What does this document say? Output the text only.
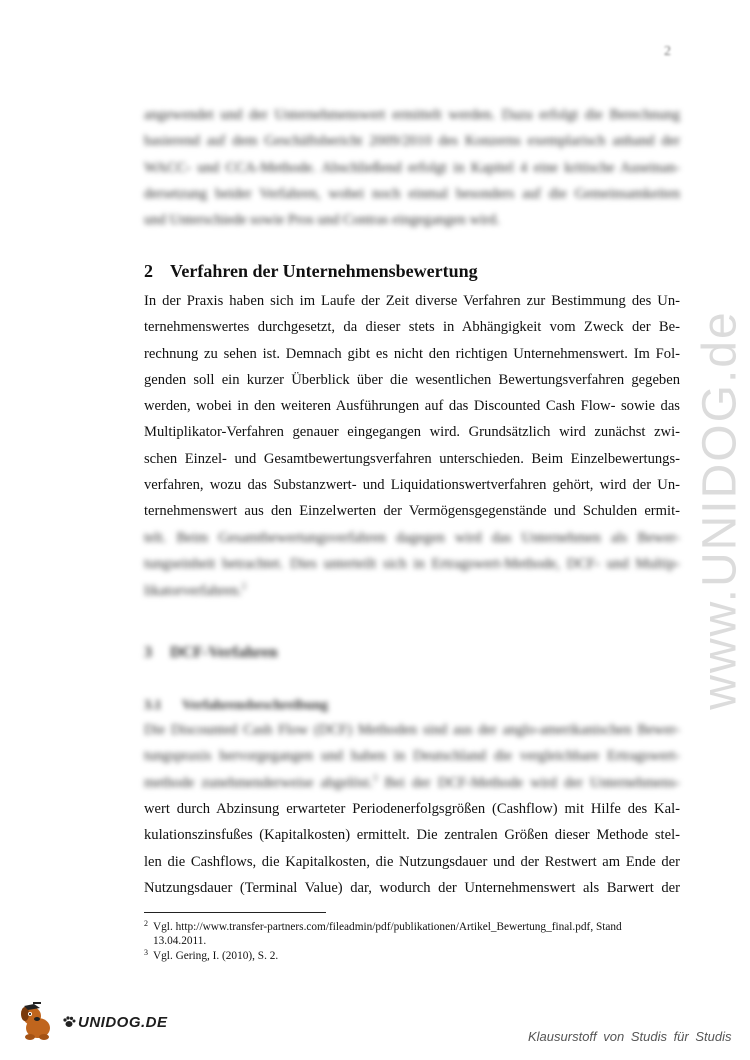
2
angewendet und der Unternehmenswert ermittelt werden. Dazu erfolgt die Berechnung
basierend auf dem Geschäftsbericht 2009/2010 des Konzerns exemplarisch anhand der
WACC- und CCA-Methode. Abschließend erfolgt in Kapitel 4 eine kritische Auseinan-
dersetzung beider Verfahren, wobei noch einmal besonders auf die Gemeinsamkeiten
und Unterschiede sowie Pros und Contras eingegangen wird.
2 Verfahren der Unternehmensbewertung
In der Praxis haben sich im Laufe der Zeit diverse Verfahren zur Bestimmung des Un-
ternehmenswertes durchgesetzt, da dieser stets in Abhängigkeit vom Zweck der Be-
rechnung zu sehen ist. Demnach gibt es nicht den richtigen Unternehmenswert. Im Fol-
genden soll ein kurzer Überblick über die wesentlichen Bewertungsverfahren gegeben
werden, wobei in den weiteren Ausführungen auf das Discounted Cash Flow- sowie das
Multiplikator-Verfahren genauer eingegangen wird. Grundsätzlich wird zunächst zwi-
schen Einzel- und Gesamtbewertungsverfahren unterschieden. Beim Einzelbewertungs-
verfahren, wozu das Substanzwert- und Liquidationswertverfahren gehört, wird der Un-
ternehmenswert aus den Einzelwerten der Vermögensgegenstände und Schulden ermit-
telt. Beim Gesamtbewertungsverfahren dagegen wird das Unternehmen als Bewer-
tungseinheit betrachtet. Dies unterteilt sich in Ertragswert-Methode, DCF- und Multip-
likatorverfahren.$^2$
3 DCF-Verfahren
3.1 Verfahrensbeschreibung
Die Discounted Cash Flow (DCF) Methoden sind aus der anglo-amerikanischen Bewer-
tungspraxis hervorgegangen und haben in Deutschland die vergleichbare Ertragswert-
methode zunehmenderweise abgelöst.$^3$ Bei der DCF-Methode wird der Unternehmens-
wert durch Abzinsung erwarteter Periodenerfolgsgrößen (Cashflow) mit Hilfe des Kal-
kulationszinsfußes (Kapitalkosten) ermittelt. Die zentralen Größen dieser Methode stel-
len die Cashflows, die Kapitalkosten, die Nutzungsdauer und der Restwert am Ende der
Nutzungsdauer (Terminal Value) dar, wodurch der Unternehmenswert als Barwert der
2 Vgl. http://www.transfer-partners.com/fileadmin/pdf/publikationen/Artikel_Bewertung_final.pdf, Stand
13.04.2011.
3 Vgl. Gering, I. (2010), S. 2.
www.UNIDOG.de
UNIDOG.DE
Klausurstoff von Studis für Studis
